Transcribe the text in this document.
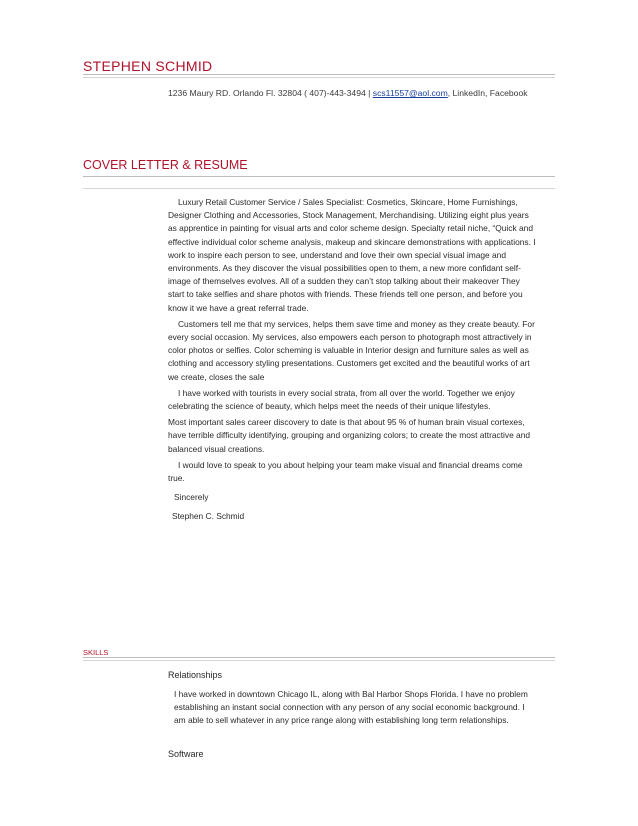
STEPHEN SCHMID
1236 Maury RD. Orlando Fl. 32804 ( 407)-443-3494 | scs11557@aol.com, LinkedIn, Facebook
COVER LETTER & RESUME

Luxury Retail Customer Service / Sales Specialist: Cosmetics, Skincare, Home Furnishings, Designer Clothing and Accessories, Stock Management, Merchandising. Utilizing eight plus years as apprentice in painting for visual arts and color scheme design. Specialty retail niche, “Quick and effective individual color scheme analysis, makeup and skincare demonstrations with applications. I work to inspire each person to see, understand and love their own special visual image and environments. As they discover the visual possibilities open to them, a new more confidant self-image of themselves evolves. All of a sudden they can’t stop talking about their makeover They start to take selfies and share photos with friends. These friends tell one person, and before you know it we have a great referral trade.

Customers tell me that my services, helps them save time and money as they create beauty. For every social occasion. My services, also empowers each person to photograph most attractively in color photos or selfies. Color scheming is valuable in Interior design and furniture sales as well as clothing and accessory styling presentations. Customers get excited and the beautiful works of art we create, closes the sale

I have worked with tourists in every social strata, from all over the world. Together we enjoy celebrating the science of beauty, which helps meet the needs of their unique lifestyles.

Most important sales career discovery to date is that about 95 % of human brain visual cortexes, have terrible difficulty identifying, grouping and organizing colors; to create the most attractive and balanced visual creations.

I would love to speak to you about helping your team make visual and financial dreams come true.

Sincerely

Stephen C. Schmid

SKILLS
Relationships

I have worked in downtown Chicago IL, along with Bal Harbor Shops Florida. I have no problem establishing an instant social connection with any person of any social economic background. I am able to sell whatever in any price range along with establishing long term relationships.

Software
